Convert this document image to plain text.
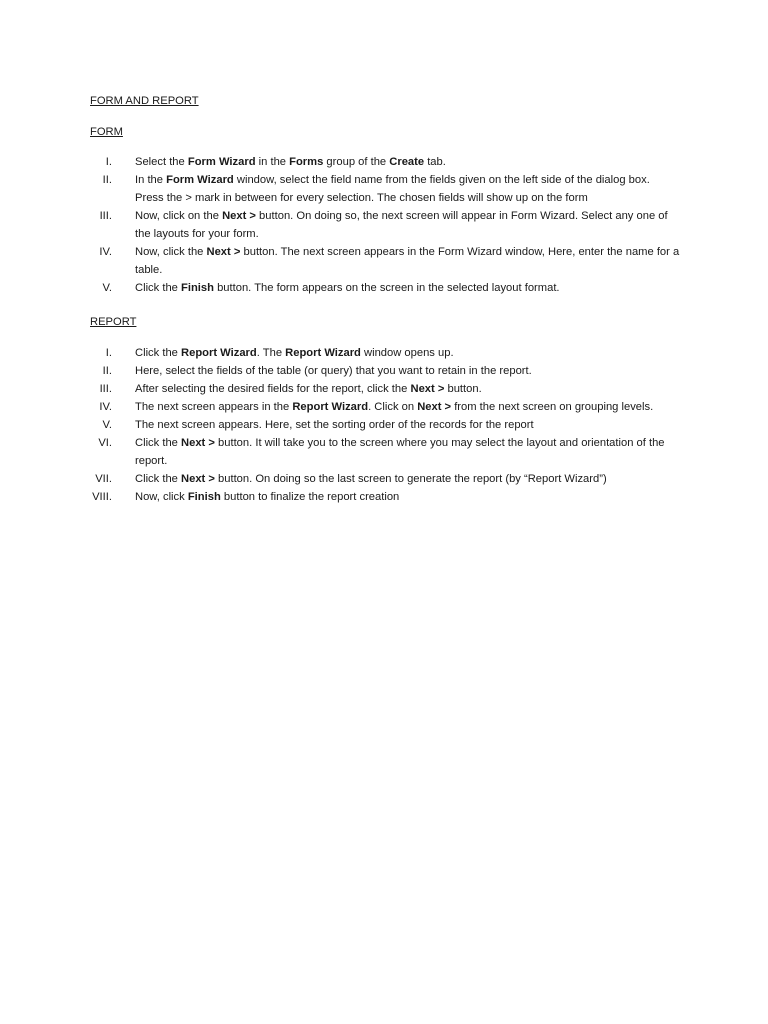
FORM AND REPORT
FORM
I. Select the Form Wizard in the Forms group of the Create tab.
II. In the Form Wizard window, select the field name from the fields given on the left side of the dialog box. Press the > mark in between for every selection. The chosen fields will show up on the form
III. Now, click on the Next > button. On doing so, the next screen will appear in Form Wizard. Select any one of the layouts for your form.
IV. Now, click the Next > button. The next screen appears in the Form Wizard window, Here, enter the name for a table.
V. Click the Finish button. The form appears on the screen in the selected layout format.
REPORT
I. Click the Report Wizard. The Report Wizard window opens up.
II. Here, select the fields of the table (or query) that you want to retain in the report.
III. After selecting the desired fields for the report, click the Next > button.
IV. The next screen appears in the Report Wizard. Click on Next > from the next screen on grouping levels.
V. The next screen appears. Here, set the sorting order of the records for the report
VI. Click the Next > button. It will take you to the screen where you may select the layout and orientation of the report.
VII. Click the Next > button. On doing so the last screen to generate the report (by “Report Wizard”)
VIII. Now, click Finish button to finalize the report creation
